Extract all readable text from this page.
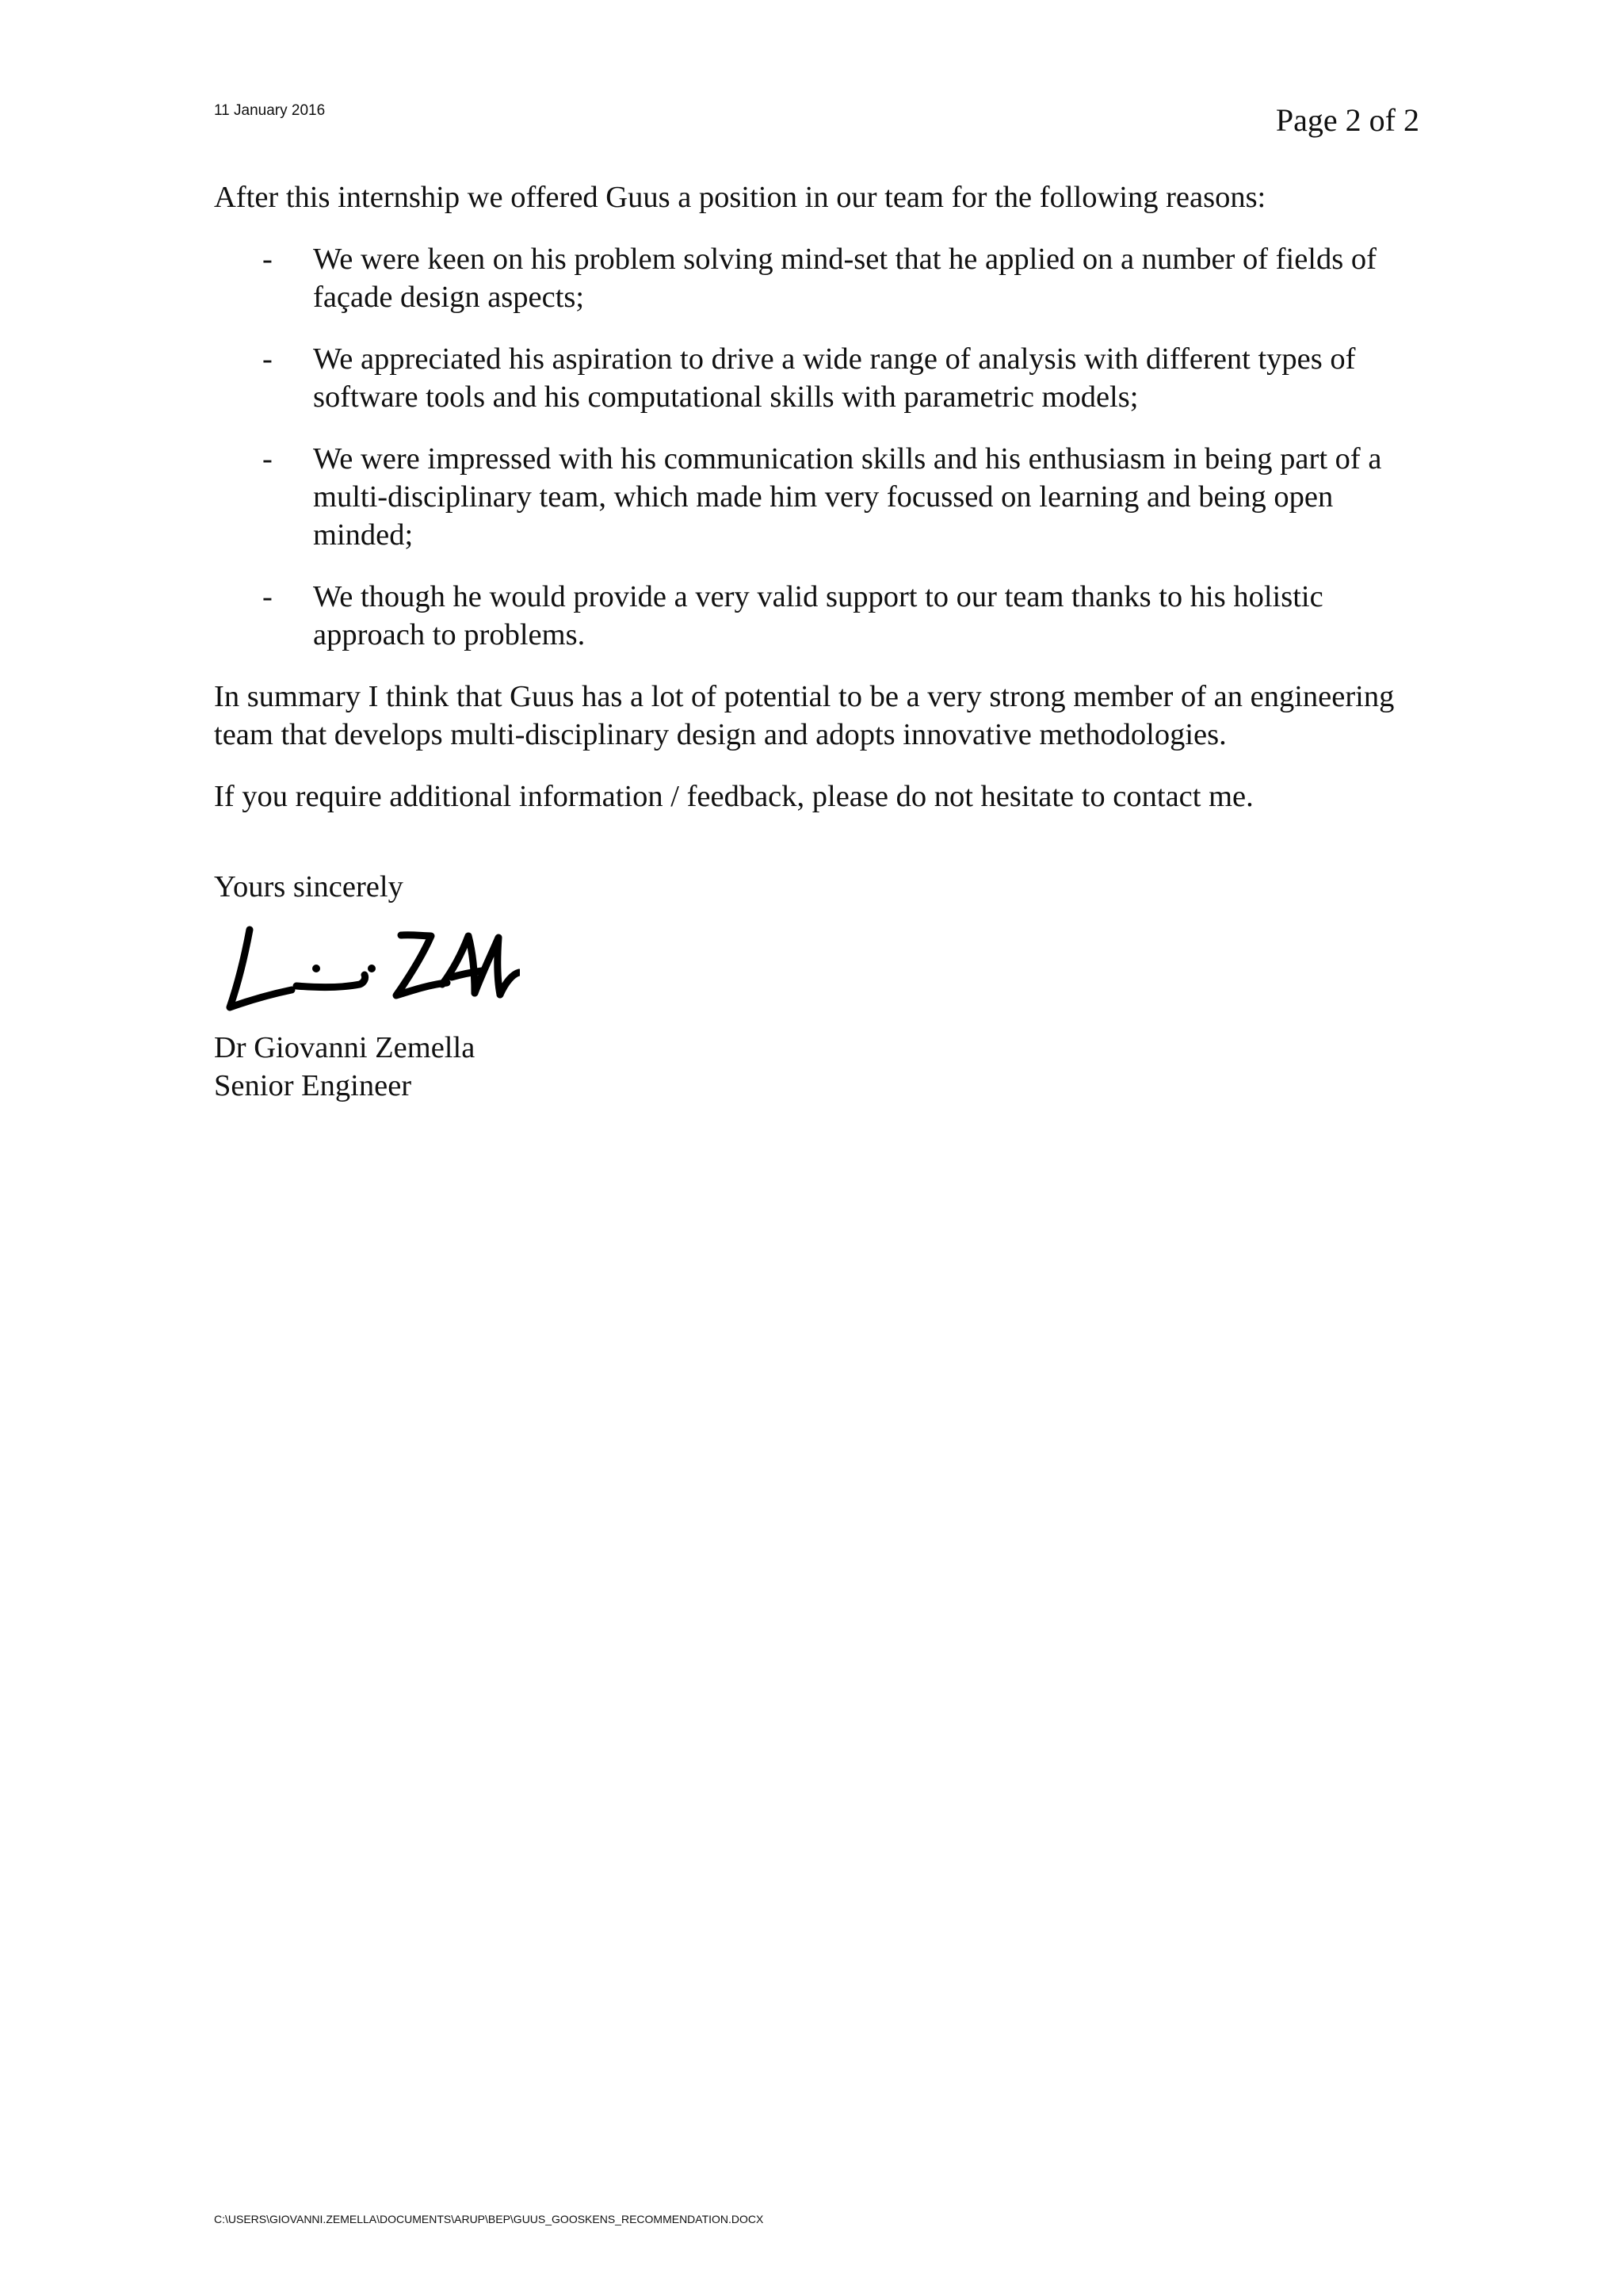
11 January 2016	Page 2 of 2

After this internship we offered Guus a position in our team for the following reasons:

- We were keen on his problem solving mind-set that he applied on a number of fields of façade design aspects;
- We appreciated his aspiration to drive a wide range of analysis with different types of software tools and his computational skills with parametric models;
- We were impressed with his communication skills and his enthusiasm in being part of a multi-disciplinary team, which made him very focussed on learning and being open minded;
- We though he would provide a very valid support to our team thanks to his holistic approach to problems.

In summary I think that Guus has a lot of potential to be a very strong member of an engineering team that develops multi-disciplinary design and adopts innovative methodologies.

If you require additional information / feedback, please do not hesitate to contact me.

Yours sincerely

Dr Giovanni Zemella
Senior Engineer

C:\USERS\GIOVANNI.ZEMELLA\DOCUMENTS\ARUP\BEP\GUUS_GOOSKENS_RECOMMENDATION.DOCX
